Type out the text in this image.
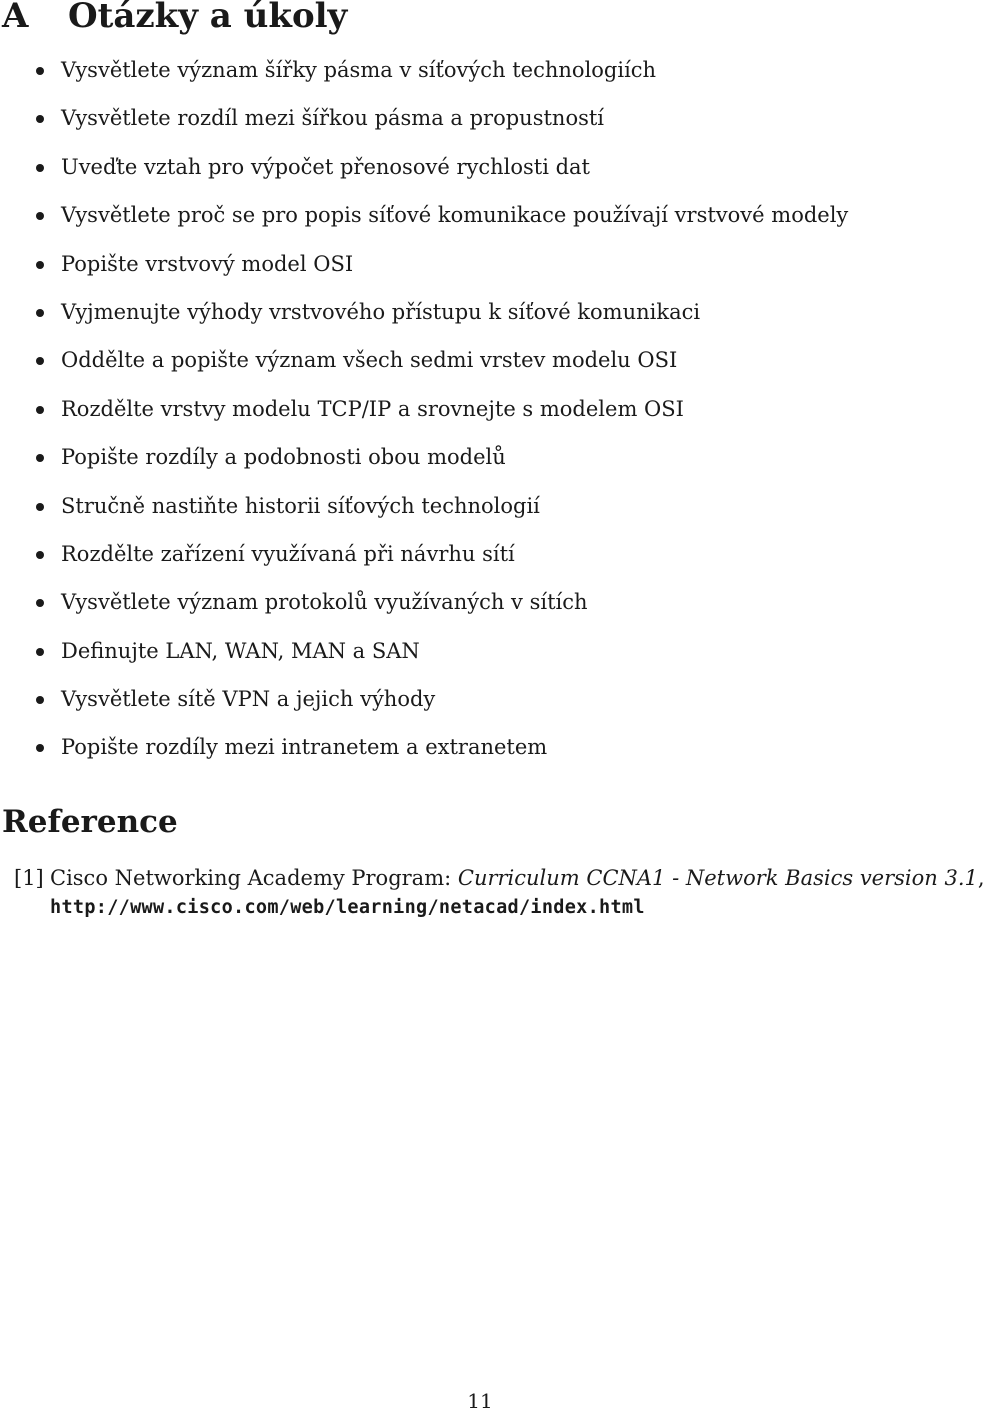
A Otázky a úkoly
Vysvětlete význam šířky pásma v síťových technologiích
Vysvětlete rozdíl mezi šířkou pásma a propustností
Uveďte vztah pro výpočet přenosové rychlosti dat
Vysvětlete proč se pro popis síťové komunikace používají vrstvové modely
Popište vrstvový model OSI
Vyjmenujte výhody vrstvového přístupu k síťové komunikaci
Oddělte a popište význam všech sedmi vrstev modelu OSI
Rozdělte vrstvy modelu TCP/IP a srovnejte s modelem OSI
Popište rozdíly a podobnosti obou modelů
Stručně nastiňte historii síťových technologií
Rozdělte zařízení využívaná při návrhu sítí
Vysvětlete význam protokolů využívaných v sítích
Definujte LAN, WAN, MAN a SAN
Vysvětlete sítě VPN a jejich výhody
Popište rozdíly mezi intranetem a extranetem
Reference
[1] Cisco Networking Academy Program: Curriculum CCNA1 - Network Basics version 3.1,
http://www.cisco.com/web/learning/netacad/index.html
11
